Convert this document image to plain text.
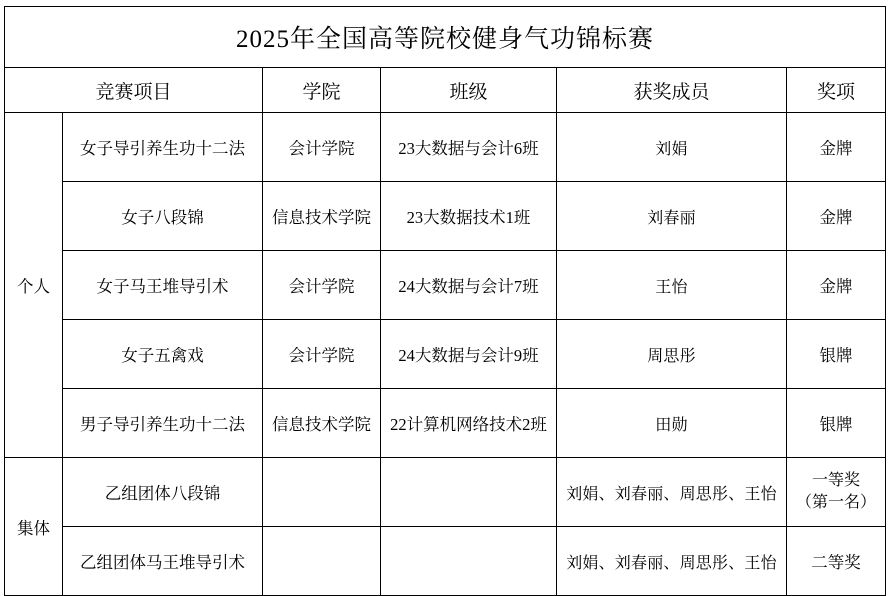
2025年全国高等院校健身气功锦标赛					
竞赛项目		学院	班级	获奖成员	奖项
个人	女子导引养生功十二法	会计学院	23大数据与会计6班	刘娟	金牌
	女子八段锦	信息技术学院	23大数据技术1班	刘春丽	金牌
	女子马王堆导引术	会计学院	24大数据与会计7班	王怡	金牌
	女子五禽戏	会计学院	24大数据与会计9班	周思彤	银牌
	男子导引养生功十二法	信息技术学院	22计算机网络技术2班	田勋	银牌
集体	乙组团体八段锦			刘娟、刘春丽、周思彤、王怡	一等奖
（第一名）

	乙组团体马王堆导引术			刘娟、刘春丽、周思彤、王怡	二等奖
